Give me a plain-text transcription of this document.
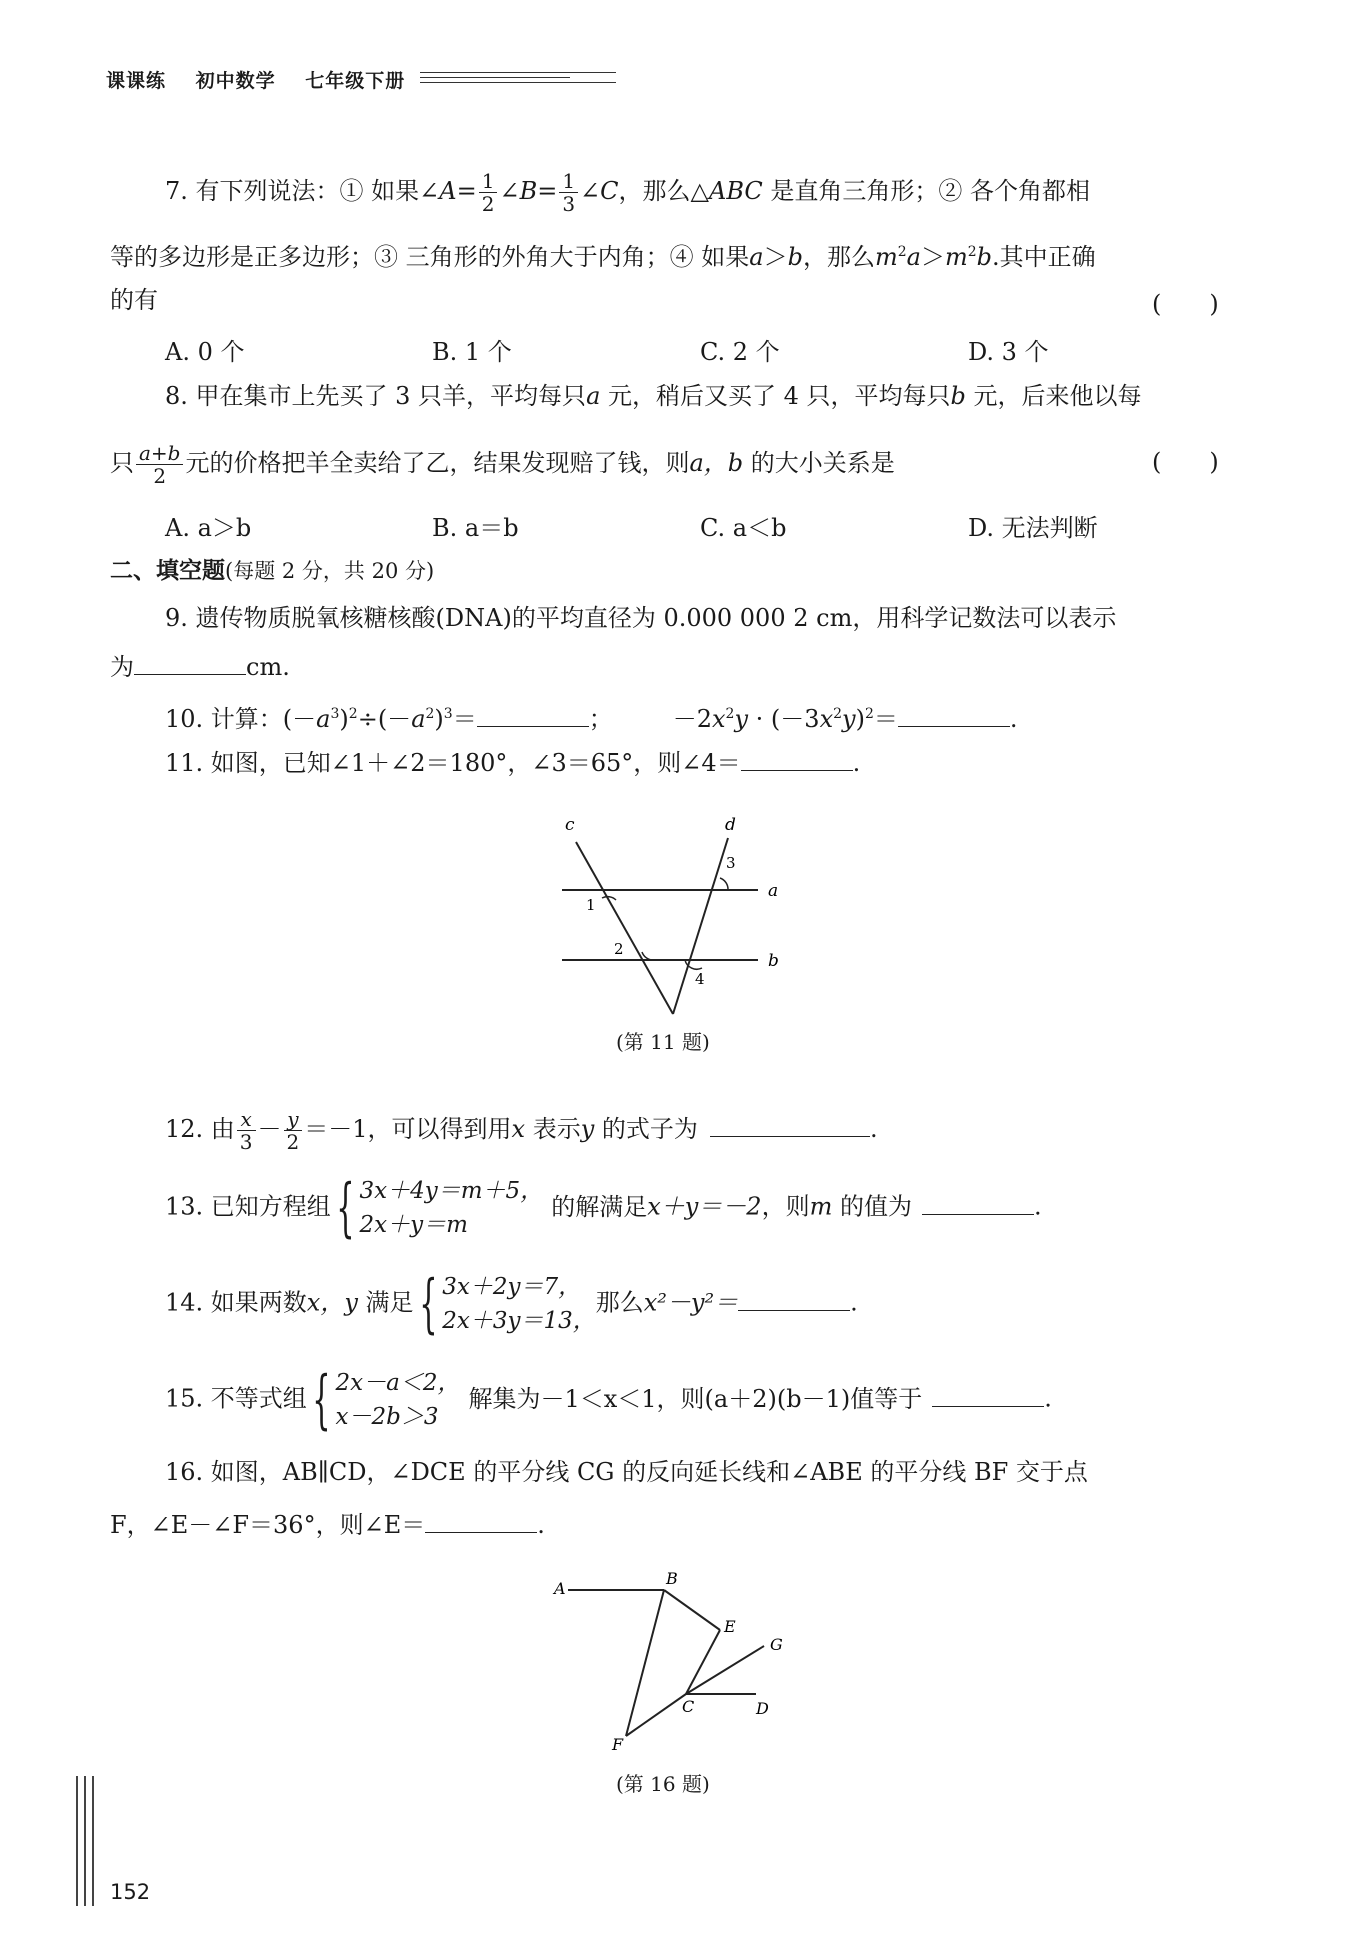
课课练 初中数学 七年级下册
7. 有下列说法：① 如果∠A= $\frac{1}{2}$ ∠B= $\frac{1}{3}$ ∠C，那么△ABC 是直角三角形；② 各个角都相
等的多边形是正多边形；③ 三角形的外角大于内角；④ 如果a＞b，那么$m^2a>m^2b$.其中正确
的有	(　　)
A. 0 个	B. 1 个	C. 2 个	D. 3 个
8. 甲在集市上先买了 3 只羊，平均每只a 元，稍后又买了 4 只，平均每只b 元，后来他以每
只 $\frac{a+b}{2}$ 元的价格把羊全卖给了乙，结果发现赔了钱，则a，b 的大小关系是	(　　)
A. a＞b	B. a＝b	C. a＜b	D. 无法判断
二、填空题(每题 2 分，共 20 分)
9. 遗传物质脱氧核糖核酸(DNA)的平均直径为 0.000 000 2 cm，用科学记数法可以表示
为	cm.
10. 计算：$(-a^3)^2\div(-a^2)^3=$	；	$-2x^2y \cdot (-3x^2y)^2=$	.
11. 如图，已知∠1＋∠2＝180°，∠3＝65°，则∠4＝	.
c	d
a
b
1
2
3
4
(第 11 题)
12. 由 $\frac{x}{3} - \frac{y}{2} =-1$，可以得到用x 表示y 的式子为	.
13. 已知方程组{ 3x＋4y＝m＋5，
2x＋y＝m
的解满足x＋y＝－2，则m 的值为	.
14. 如果两数x，y 满足{ 3x＋2y＝7，
2x＋3y＝13，
那么x²－y²＝	.
15. 不等式组{ 2x－a＜2，
x－2b＞3
解集为－1＜x＜1，则(a＋2)(b－1)值等于	.
16. 如图，AB∥CD，∠DCE 的平分线 CG 的反向延长线和∠ABE 的平分线 BF 交于点
F，∠E－∠F＝36°，则∠E＝	.
A
B
E
G
C	D
F
(第 16 题)
152
